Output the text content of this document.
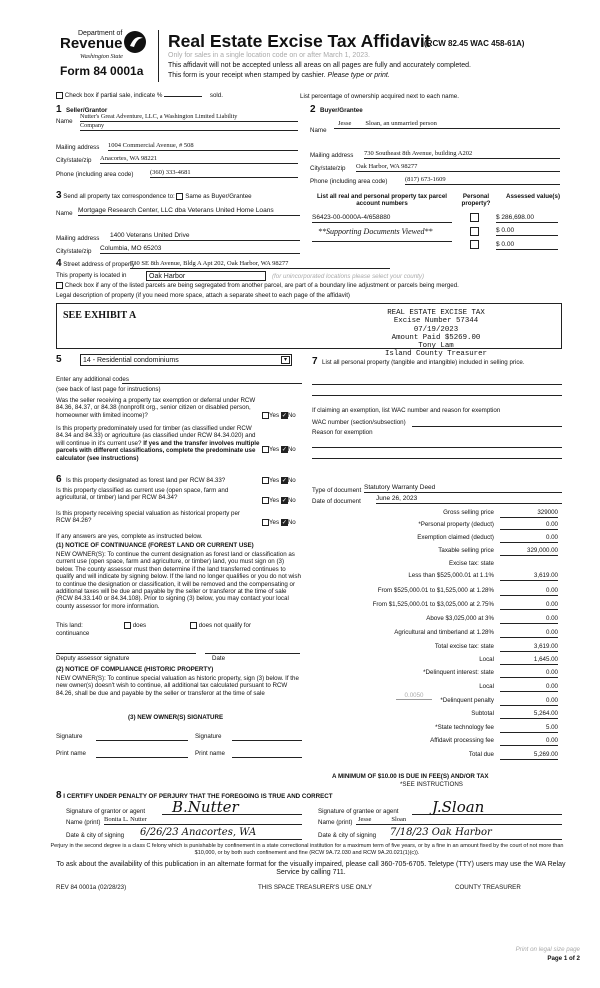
Department of
Revenue
Washington State
Form 84 0001a
Real Estate Excise Tax Affidavit
(RCW 82.45 WAC 458-61A)
Only for sales in a single location code on or after March 1, 2023.
This affidavit will not be accepted unless all areas on all pages are fully and accurately completed.
This form is your receipt when stamped by cashier. Please type or print.
Check box if partial sale, indicate %	sold.	List percentage of ownership acquired next to each name.
1 Seller/Grantor
Name
Nutter's Great Adventure, LLC, a Washington Limited Liability
Company
Mailing address 1004 Commercial Avenue, # 508
City/state/zip Anacortes, WA 98221
Phone (including area code)	(360) 333-4681
2 Buyer/Grantee
Name
Jesse Sloan, an unmarried person
Mailing address 730 Southeast 8th Avenue, building A202
City/state/zip Oak Harbor, WA 98277
Phone (including area code)	(817) 673-1609
3 Send all property tax correspondence to: Same as Buyer/Grantee
Name Mortgage Research Center, LLC dba Veterans United Home Loans
Mailing address 1400 Veterans United Drive
City/state/zip Columbia, MO 65203
List all real and personal property tax parcel account numbers
Personal property?
Assessed value(s)
S6423-00-0000A-4/658880	$ 286,698.00
**Supporting Documents Viewed**	$ 0.00
$ 0.00
4 Street address of property
730 SE 8th Avenue, Bldg A Apt 202, Oak Harbor, WA 98277
This property is located in	Oak Harbor	(for unincorporated locations please select your county)
Check box if any of the listed parcels are being segregated from another parcel, are part of a boundary line adjustment or parcels being merged.
Legal description of property (if you need more space, attach a separate sheet to each page of the affidavit)
SEE EXHIBIT A	REAL ESTATE EXCISE TAX
Excise Number 57344
07/19/2023
Amount Paid $5269.00
Tony Lam
Island County Treasurer
5	14 - Residential condominiums	▾
Enter any additional codes
(see back of last page for instructions)
Was the seller receiving a property tax exemption or deferral under RCW 84.36, 84.37, or 84.38 (nonprofit org., senior citizen or disabled person, homeowner with limited income)?	Yes ✓No
Is this property predominately used for timber (as classified under RCW 84.34 and 84.33) or agriculture (as classified under RCW 84.34.020) and will continue in it's current use? If yes and the transfer involves multiple parcels with different classifications, complete the predominate use calculator (see instructions)
Yes ✓No
6 Is this property designated as forest land per RCW 84.33?	Yes ✓No
Is this property classified as current use (open space, farm and agricultural, or timber) land per RCW 84.34?	Yes ✓No
Is this property receiving special valuation as historical property per RCW 84.26?	Yes ✓No
If any answers are yes, complete as instructed below.
(1) NOTICE OF CONTINUANCE (FOREST LAND OR CURRENT USE)
NEW OWNER(S): To continue the current designation as forest land or classification as current use (open space, farm and agriculture, or timber) land, you must sign on (3) below. The county assessor must then determine if the land transferred continues to qualify and will indicate by signing below. If the land no longer qualifies or you do not wish to continue the designation or classification, it will be removed and the compensating or additional taxes will be due and payable by the seller or transferor at the time of sale (RCW 84.33.140 or 84.34.108). Prior to signing (3) below, you may contact your local county assessor for more information.
This land:
continuance
does	does not qualify for
Deputy assessor signature	Date
(2) NOTICE OF COMPLIANCE (HISTORIC PROPERTY)
NEW OWNER(S): To continue special valuation as historic property, sign (3) below. If the new owner(s) doesn't wish to continue, all additional tax calculated pursuant to RCW 84.26, shall be due and payable by the seller or transferor at the time of sale
(3) NEW OWNER(S) SIGNATURE
Signature	Signature
Print name	Print name
7 List all personal property (tangible and intangible) included in selling price.
If claiming an exemption, list WAC number and reason for exemption
WAC number (section/subsection)
Reason for exemption
Type of document Statutory Warranty Deed
Date of document June 26, 2023
Gross selling price	329000
*Personal property (deduct)	0.00
Exemption claimed (deduct)	0.00
Taxable selling price	329,000.00
Excise tax: state
Less than $525,000.01 at 1.1%	3,619.00
From $525,000.01 to $1,525,000 at 1.28%	0.00
From $1,525,000.01 to $3,025,000 at 2.75%	0.00
Above $3,025,000 at 3%	0.00
Agricultural and timberland at 1.28%	0.00
Total excise tax: state	3,619.00
Local	1,645.00
*Delinquent interest: state	0.00
Local	0.00
*Delinquent penalty	0.00
Subtotal	5,264.00
*State technology fee	5.00
Affidavit processing fee	0.00
Total due	5,269.00
0.0050
A MINIMUM OF $10.00 IS DUE IN FEE(S) AND/OR TAX
*SEE INSTRUCTIONS
8 I CERTIFY UNDER PENALTY OF PERJURY THAT THE FOREGOING IS TRUE AND CORRECT
Signature of grantor or agent B.Nutter
Name (print) Bonita L. Nutter
Date & city of signing 6/26/23 Anacortes, WA
Signature of grantee or agent J.Sloan
Name (print) Jesse	Sloan
Date & city of signing 7/18/23 Oak Harbor
Perjury in the second degree is a class C felony which is punishable by confinement in a state correctional institution for a maximum term of five years, or by a fine in an amount fixed by the court of not more than $10,000, or by both such confinement and fine (RCW 9A.72.030 and RCW 9A.20.021(1)(c)).
To ask about the availability of this publication in an alternate format for the visually impaired, please call 360-705-6705. Teletype (TTY) users may use the WA Relay Service by calling 711.
REV 84 0001a (02/28/23)	THIS SPACE TREASURER'S USE ONLY	COUNTY TREASURER
Print on legal size page
Page 1 of 2
